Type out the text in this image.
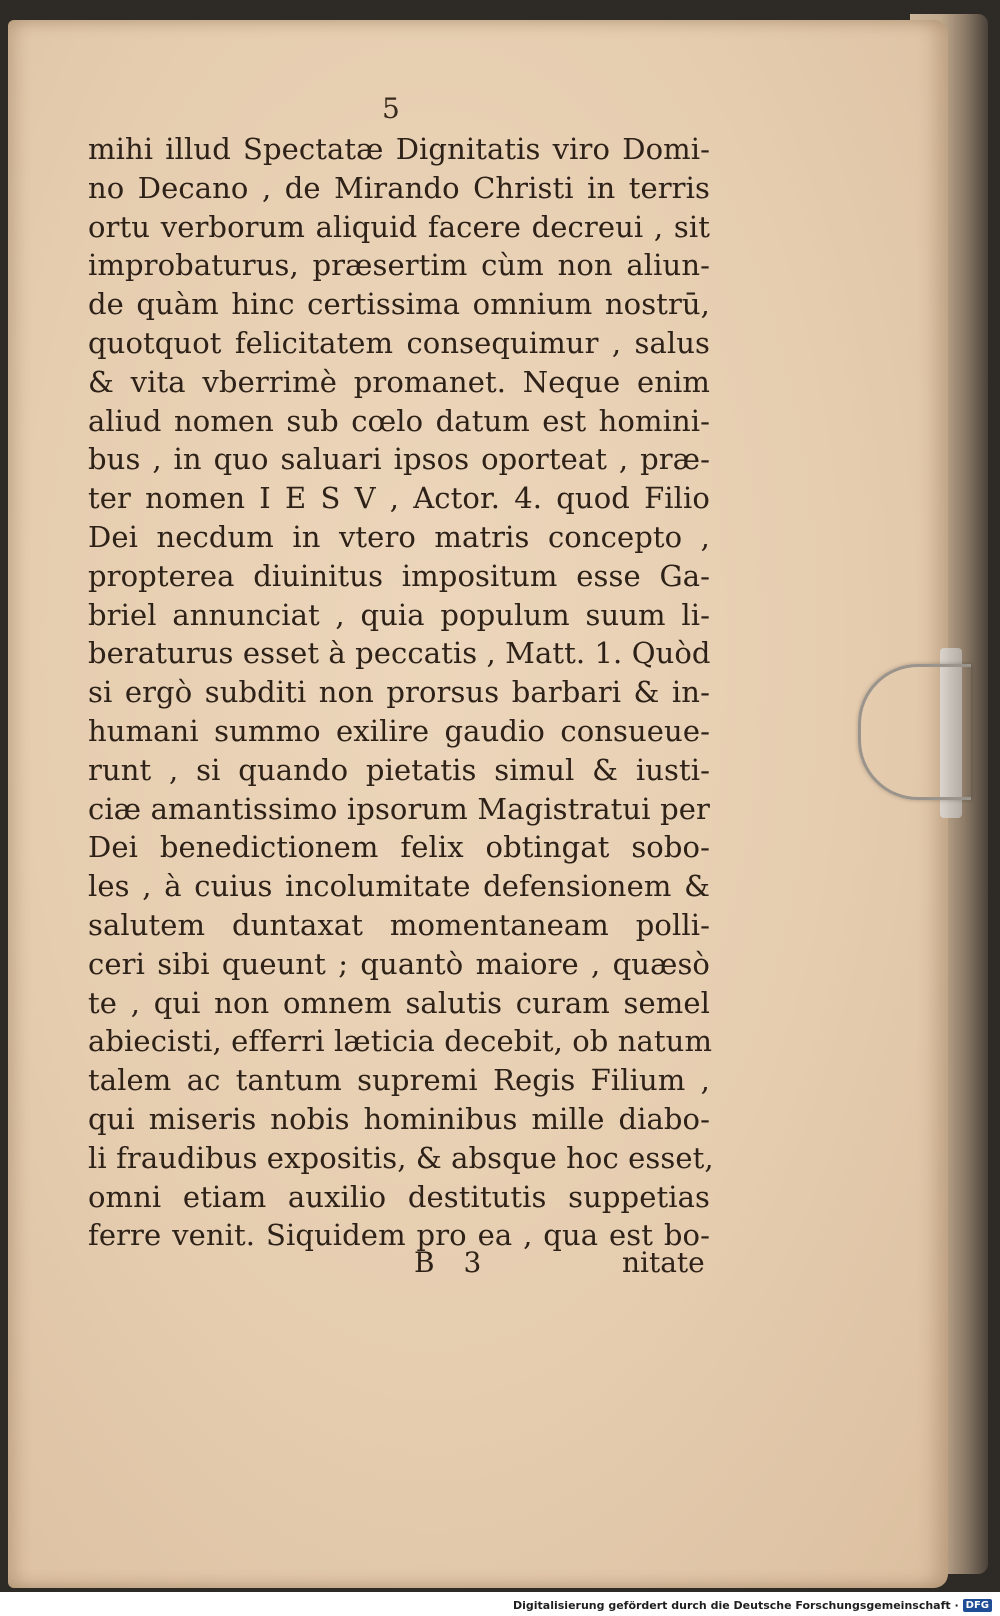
5
mihi illud Spectatæ Dignitatis viro Domi-
no Decano , de Mirando Christi in terris
ortu verborum aliquid facere decreui , sit
improbaturus, præsertim cùm non aliun-
de quàm hinc certissima omnium nostrū,
quotquot felicitatem consequimur , salus
& vita vberrimè promanet. Neque enim
aliud nomen sub cœlo datum est homini-
bus , in quo saluari ipsos oporteat , præ-
ter nomen I E S V , Actor. 4. quod Filio
Dei necdum in vtero matris concepto ,
propterea diuinitus impositum esse Ga-
briel annunciat , quia populum suum li-
beraturus esset à peccatis , Matt. 1. Quòd
si ergò subditi non prorsus barbari & in-
humani summo exilire gaudio consueue-
runt , si quando pietatis simul & iusti-
ciæ amantissimo ipsorum Magistratui per
Dei benedictionem felix obtingat sobo-
les , à cuius incolumitate defensionem &
salutem duntaxat momentaneam polli-
ceri sibi queunt ; quantò maiore , quæsò
te , qui non omnem salutis curam semel
abiecisti, efferri læticia decebit, ob natum
talem ac tantum supremi Regis Filium ,
qui miseris nobis hominibus mille diabo-
li fraudibus expositis, & absque hoc esset,
omni etiam auxilio destitutis suppetias
ferre venit. Siquidem pro ea , qua est bo-
B 3	nitate
Digitalisierung gefördert durch die Deutsche Forschungsgemeinschaft · DFG
